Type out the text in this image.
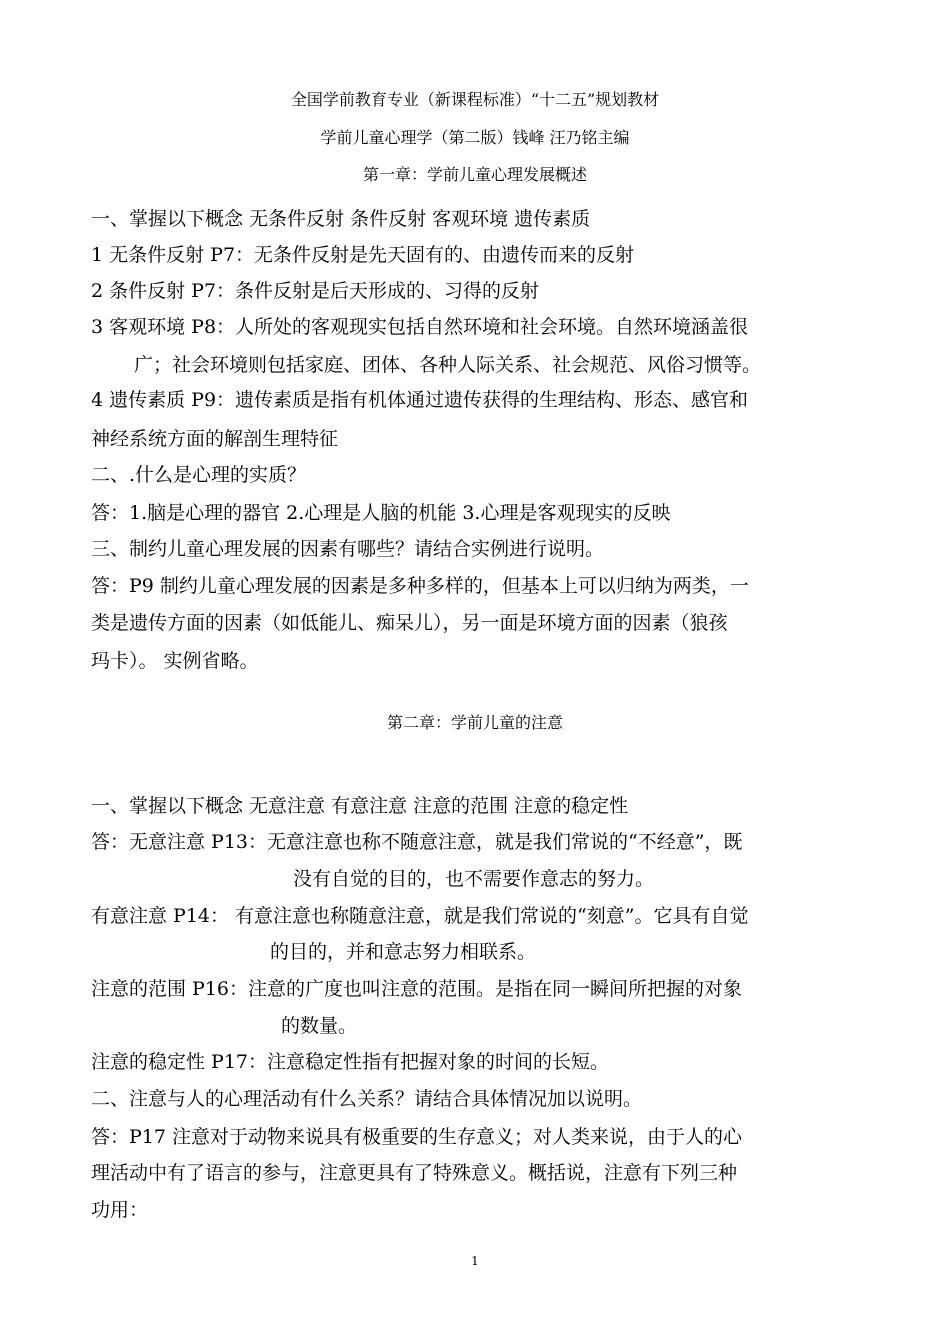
全国学前教育专业（新课程标准）“十二五”规划教材
学前儿童心理学（第二版）钱峰 汪乃铭主编
第一章：学前儿童心理发展概述
一、掌握以下概念 无条件反射 条件反射 客观环境 遗传素质
1 无条件反射 P7：无条件反射是先天固有的、由遗传而来的反射
2 条件反射 P7：条件反射是后天形成的、习得的反射
3 客观环境 P8：人所处的客观现实包括自然环境和社会环境。自然环境涵盖很
广；社会环境则包括家庭、团体、各种人际关系、社会规范、风俗习惯等。
4 遗传素质 P9：遗传素质是指有机体通过遗传获得的生理结构、形态、感官和
神经系统方面的解剖生理特征
二、.什么是心理的实质？
答：1.脑是心理的器官 2.心理是人脑的机能 3.心理是客观现实的反映
三、制约儿童心理发展的因素有哪些？请结合实例进行说明。
答：P9 制约儿童心理发展的因素是多种多样的，但基本上可以归纳为两类，一
类是遗传方面的因素（如低能儿、痴呆儿），另一面是环境方面的因素（狼孩
玛卡）。 实例省略。
第二章：学前儿童的注意
一、掌握以下概念 无意注意 有意注意 注意的范围 注意的稳定性
答：无意注意 P13：无意注意也称不随意注意，就是我们常说的“不经意”，既
没有自觉的目的，也不需要作意志的努力。
有意注意 P14： 有意注意也称随意注意，就是我们常说的“刻意”。它具有自觉
的目的，并和意志努力相联系。
注意的范围 P16：注意的广度也叫注意的范围。是指在同一瞬间所把握的对象
的数量。
注意的稳定性 P17：注意稳定性指有把握对象的时间的长短。
二、注意与人的心理活动有什么关系？请结合具体情况加以说明。
答：P17 注意对于动物来说具有极重要的生存意义；对人类来说，由于人的心
理活动中有了语言的参与，注意更具有了特殊意义。概括说，注意有下列三种
功用：
1
